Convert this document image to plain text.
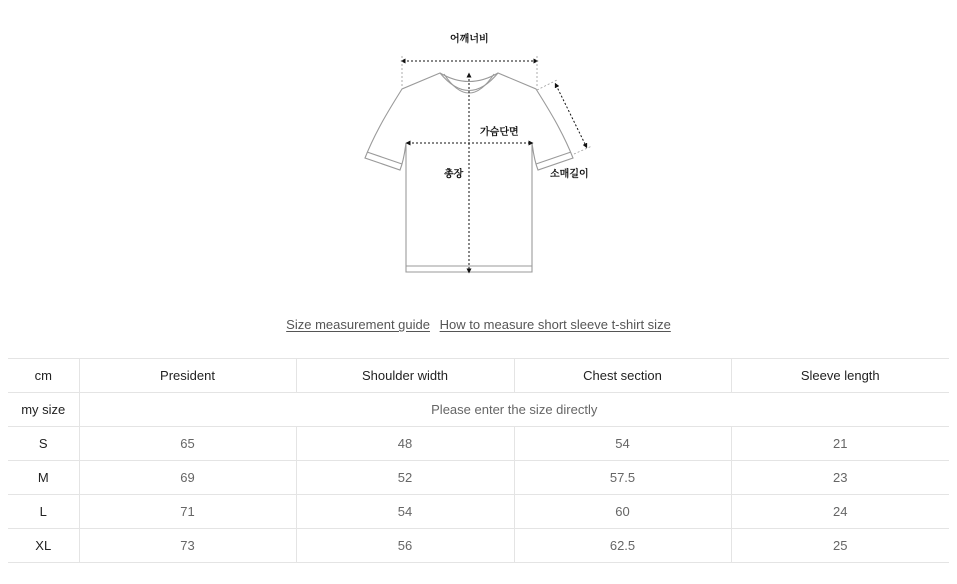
어깨너비
가슴단면
총장	소매길이
Size measurement guide How to measure short sleeve t-shirt size
cm	President	Shoulder width	Chest section	Sleeve length
my size	Please enter the size directly			
S	65	48	54	21
M	69	52	57.5	23
L	71	54	60	24
XL	73	56	62.5	25
